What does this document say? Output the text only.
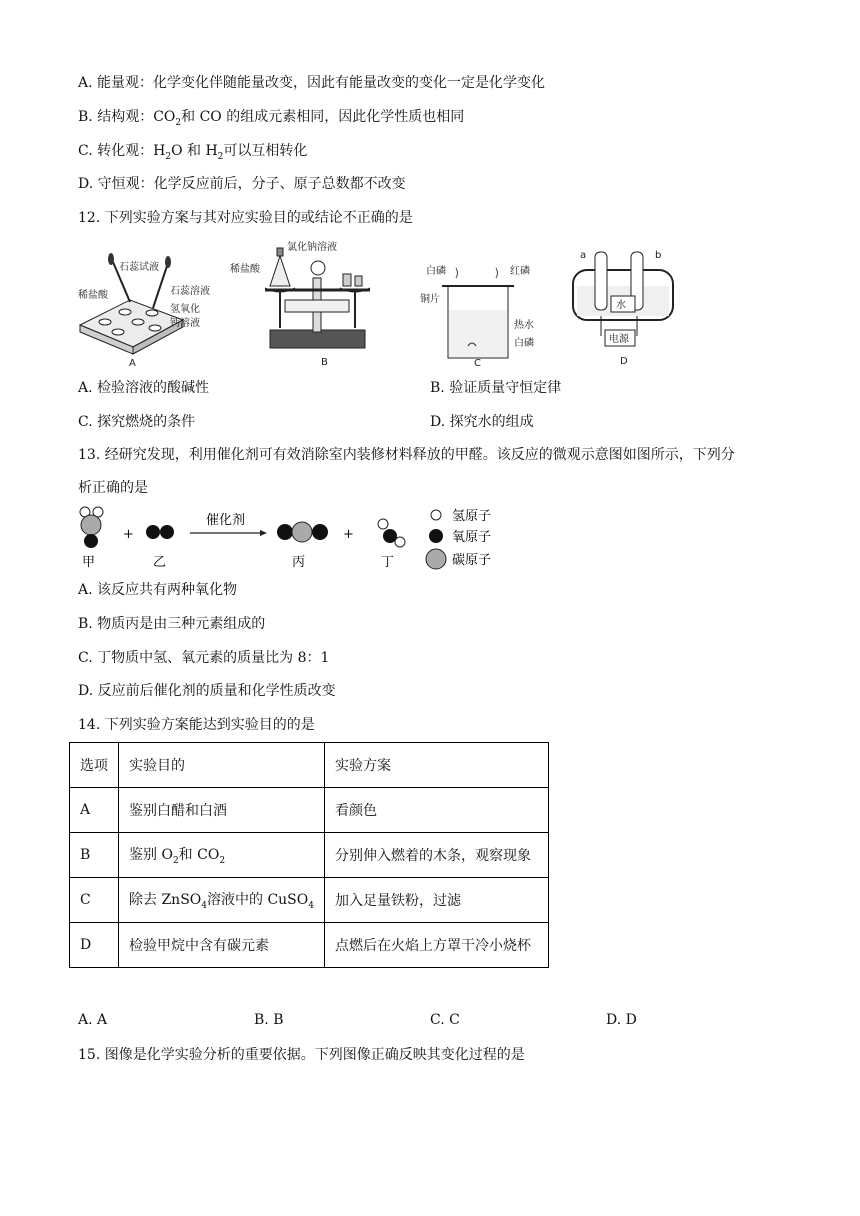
A. 能量观：化学变化伴随能量改变，因此有能量改变的变化一定是化学变化
B. 结构观：$CO_2$和 CO 的组成元素相同，因此化学性质也相同
C. 转化观：$H_2O$ 和 $H_2$可以互相转化
D. 守恒观：化学反应前后，分子、原子总数都不改变
12. 下列实验方案与其对应实验目的或结论不正确的是
石蕊试液
稀盐酸	石蕊溶液
氢氧化
钙溶液
A
氯化钠溶液
稀盐酸
B
白磷	红磷
铜片
热水
白磷
C
a	b
水
电源
D
A. 检验溶液的酸碱性	B. 验证质量守恒定律
C. 探究燃烧的条件	D. 探究水的组成
13. 经研究发现，利用催化剂可有效消除室内装修材料释放的甲醛。该反应的微观示意图如图所示，下列分
析正确的是
甲
+
乙
催化剂
丙
+
丁
氢原子
氧原子
碳原子
A. 该反应共有两种氧化物
B. 物质丙是由三种元素组成的
C. 丁物质中氢、氧元素的质量比为 8：1
D. 反应前后催化剂的质量和化学性质改变
14. 下列实验方案能达到实验目的的是
选项	实验目的	实验方案
A	鉴别白醋和白酒	看颜色
B	鉴别 $O_2$和 $CO_2$	分别伸入燃着的木条，观察现象
C	除去 ZnSO$_4$溶液中的 CuSO$_4$	加入足量铁粉，过滤
D	检验甲烷中含有碳元素	点燃后在火焰上方罩干冷小烧杯
A. A	B. B	C. C	D. D
15. 图像是化学实验分析的重要依据。下列图像正确反映其变化过程的是
